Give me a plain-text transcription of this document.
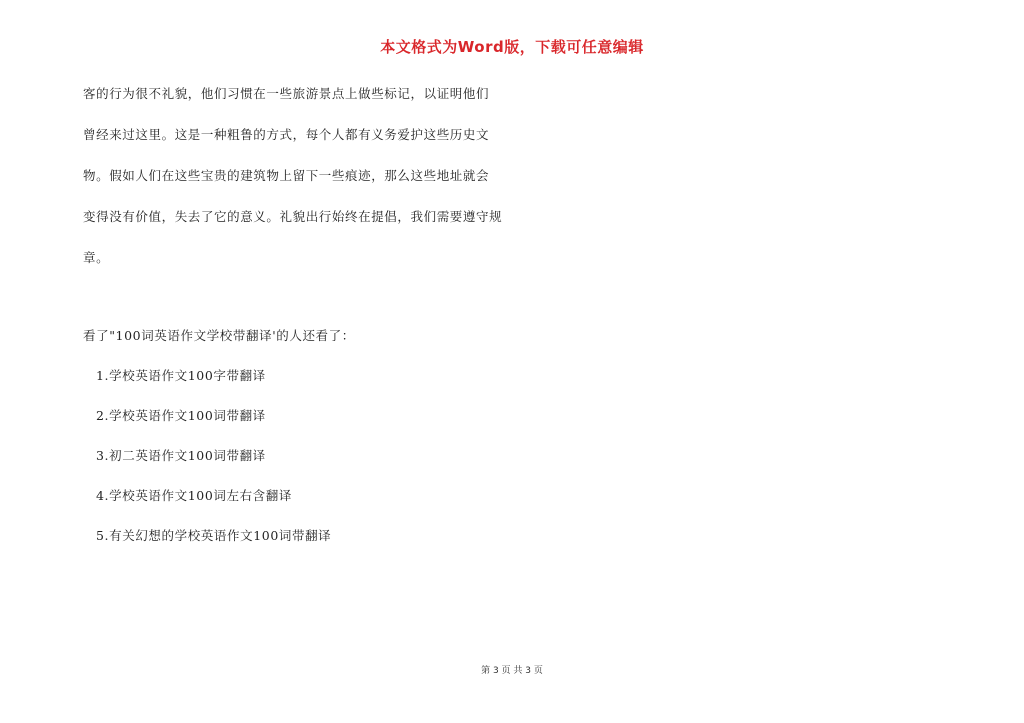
本文格式为Word版，下载可任意编辑
客的行为很不礼貌，他们习惯在一些旅游景点上做些标记，以证明他们
曾经来过这里。这是一种粗鲁的方式，每个人都有义务爱护这些历史文
物。假如人们在这些宝贵的建筑物上留下一些痕迹，那么这些地址就会
变得没有价值，失去了它的意义。礼貌出行始终在提倡，我们需要遵守规
章。
看了"100词英语作文学校带翻译'的人还看了：
1.学校英语作文100字带翻译
2.学校英语作文100词带翻译
3.初二英语作文100词带翻译
4.学校英语作文100词左右含翻译
5.有关幻想的学校英语作文100词带翻译
第 3 页 共 3 页
